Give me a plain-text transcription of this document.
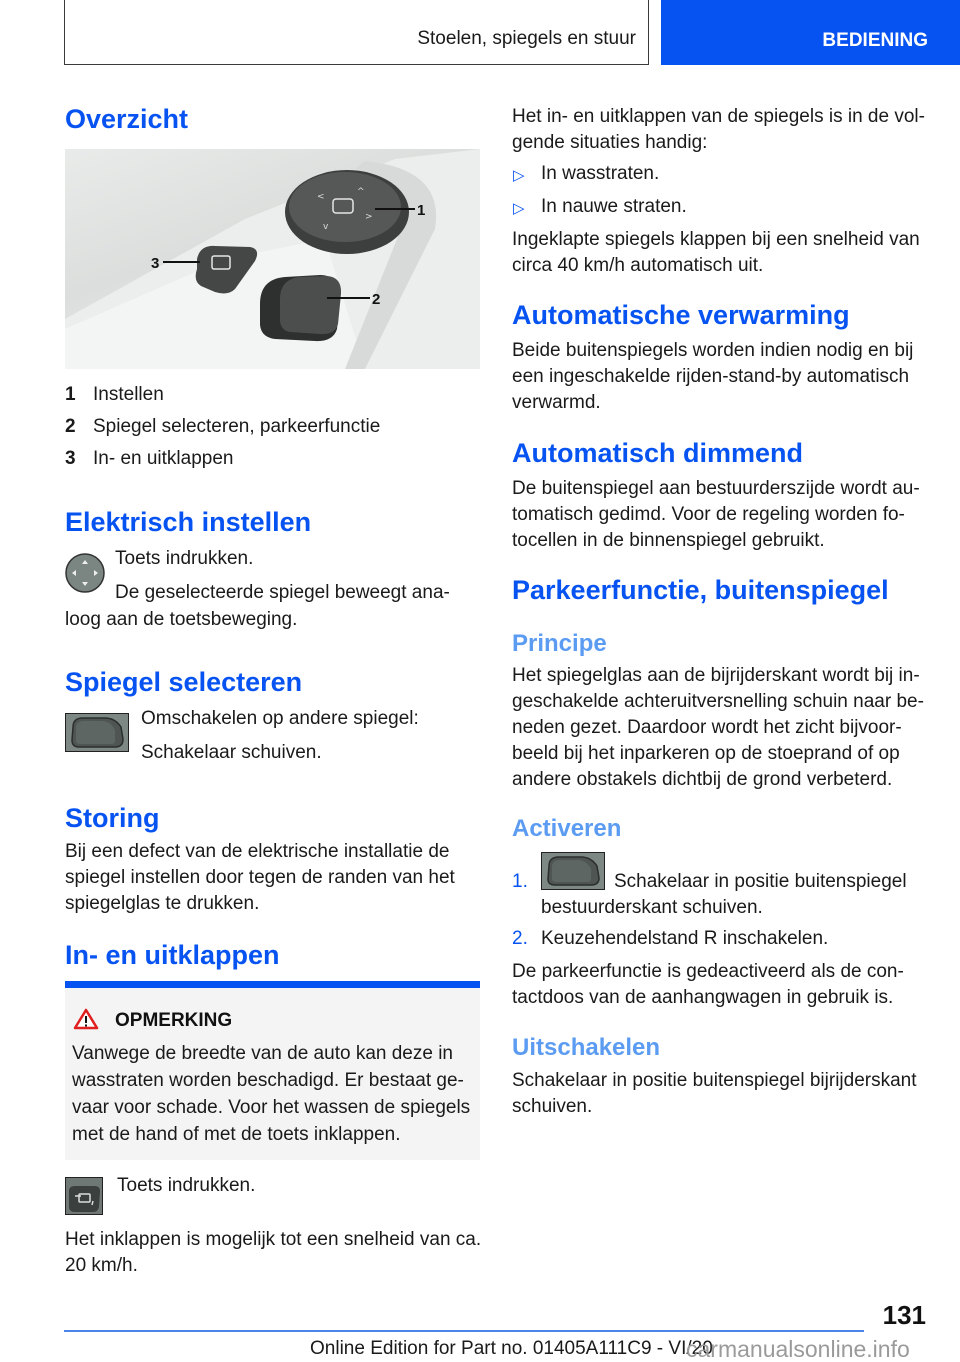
Stoelen, spiegels en stuur	BEDIENING
Overzicht
<	^
>
v
1
3
2
1 Instellen
2 Spiegel selecteren, parkeerfunctie
3 In- en uitklappen
Elektrisch instellen
Toets indrukken.
De geselecteerde spiegel beweegt ana-
loog aan de toetsbeweging.
Spiegel selecteren
Omschakelen op andere spiegel:
Schakelaar schuiven.
Storing
Bij een defect van de elektrische installatie de
spiegel instellen door tegen de randen van het
spiegelglas te drukken.
In- en uitklappen
OPMERKING
Vanwege de breedte van de auto kan deze in
wasstraten worden beschadigd. Er bestaat ge-
vaar voor schade. Voor het wassen de spiegels
met de hand of met de toets inklappen.
Toets indrukken.
Het inklappen is mogelijk tot een snelheid van ca.
20 km/h.
Het in- en uitklappen van de spiegels is in de vol-
gende situaties handig:
▷ In wasstraten.
▷ In nauwe straten.
Ingeklapte spiegels klappen bij een snelheid van
circa 40 km/h automatisch uit.
Automatische verwarming
Beide buitenspiegels worden indien nodig en bij
een ingeschakelde rijden-stand-by automatisch
verwarmd.
Automatisch dimmend
De buitenspiegel aan bestuurderszijde wordt au-
tomatisch gedimd. Voor de regeling worden fo-
tocellen in de binnenspiegel gebruikt.
Parkeerfunctie, buitenspiegel
Principe
Het spiegelglas aan de bijrijderskant wordt bij in-
geschakelde achteruitversnelling schuin naar be-
neden gezet. Daardoor wordt het zicht bijvoor-
beeld bij het inparkeren op de stoeprand of op
andere obstakels dichtbij de grond verbeterd.
Activeren
1.	Schakelaar in positie buitenspiegel
bestuurderskant schuiven.
2. Keuzehendelstand R inschakelen.
De parkeerfunctie is gedeactiveerd als de con-
tactdoos van de aanhangwagen in gebruik is.
Uitschakelen
Schakelaar in positie buitenspiegel bijrijderskant
schuiven.
131
Online Edition for Part no. 01405A111C9 - VI/20
carmanualsonline.info
